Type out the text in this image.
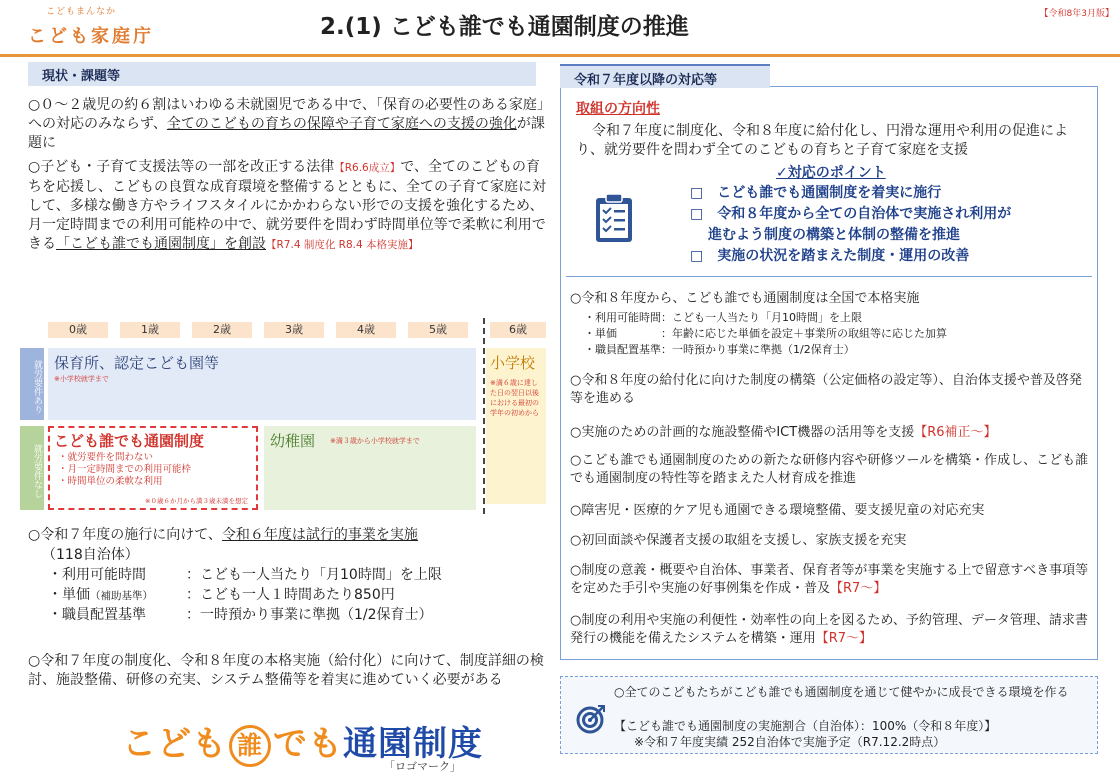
こどもまんなか
こども家庭庁	2.(1) こども誰でも通園制度の推進	【令和8年3月版】
現状・課題等
○０～２歳児の約６割はいわゆる未就園児である中で、「保育の必要性のある家庭」への対応のみならず、全てのこどもの育ちの保障や子育て家庭への支援の強化が課題に
○子ども・子育て支援法等の一部を改正する法律【R6.6成立】で、全てのこどもの育ちを応援し、こどもの良質な成育環境を整備するとともに、全ての子育て家庭に対して、多様な働き方やライフスタイルにかかわらない形での支援を強化するため、月一定時間までの利用可能枠の中で、就労要件を問わず時間単位等で柔軟に利用できる「こども誰でも通園制度」を創設【R7.4 制度化 R8.4 本格実施】
0歳	1歳	2歳	3歳	4歳	5歳	6歳
就労要件あり
就労要件なし
保育所、認定こども園等
※小学校就学まで
小学校
※満６歳に達した日の翌日以後における最初の学年の初めから
こども誰でも通園制度
・就労要件を問わない
・月一定時間までの利用可能枠
・時間単位の柔軟な利用
※０歳６か月から満３歳未満を想定
幼稚園 ※満３歳から小学校就学まで
○令和７年度の施行に向けて、令和６年度は試行的事業を実施
（118自治体）
・利用可能時間	：こども一人当たり「月10時間」を上限
・単価（補助基準）	：こども一人１時間あたり850円
・職員配置基準	：一時預かり事業に準拠（1/2保育士）
○令和７年度の制度化、令和８年度の本格実施（給付化）に向けて、制度詳細の検討、施設整備、研修の充実、システム整備等を着実に進めていく必要がある
こども 誰 でも通園制度
「ロゴマーク」
令和７年度以降の対応等
取組の方向性
令和７年度に制度化、令和８年度に給付化し、円滑な運用や利用の促進により、就労要件を問わず全てのこどもの育ちと子育て家庭を支援
✓対応のポイント
□　こども誰でも通園制度を着実に施行
□　令和８年度から全ての自治体で実施され利用が
進むよう制度の構築と体制の整備を推進
□　実施の状況を踏まえた制度・運用の改善
○令和８年度から、こども誰でも通園制度は全国で本格実施
・利用可能時間：こども一人当たり「月10時間」を上限
・単価　　　　：年齢に応じた単価を設定＋事業所の取組等に応じた加算
・職員配置基準：一時預かり事業に準拠（1/2保育士）
○令和８年度の給付化に向けた制度の構築（公定価格の設定等）、自治体支援や普及啓発等を進める
○実施のための計画的な施設整備やICT機器の活用等を支援【R6補正～】
○こども誰でも通園制度のための新たな研修内容や研修ツールを構築・作成し、こども誰でも通園制度の特性等を踏まえた人材育成を推進
○障害児・医療的ケア児も通園できる環境整備、要支援児童の対応充実
○初回面談や保護者支援の取組を支援し、家族支援を充実
○制度の意義・概要や自治体、事業者、保育者等が事業を実施する上で留意すべき事項等を定めた手引や実施の好事例集を作成・普及【R7～】
○制度の利用や実施の利便性・効率性の向上を図るため、予約管理、データ管理、請求書発行の機能を備えたシステムを構築・運用【R7～】
○全てのこどもたちがこども誰でも通園制度を通じて健やかに成長できる環境を作る
【こども誰でも通園制度の実施割合（自治体）：100%（令和８年度）】
※令和７年度実績 252自治体で実施予定（R7.12.2時点）
